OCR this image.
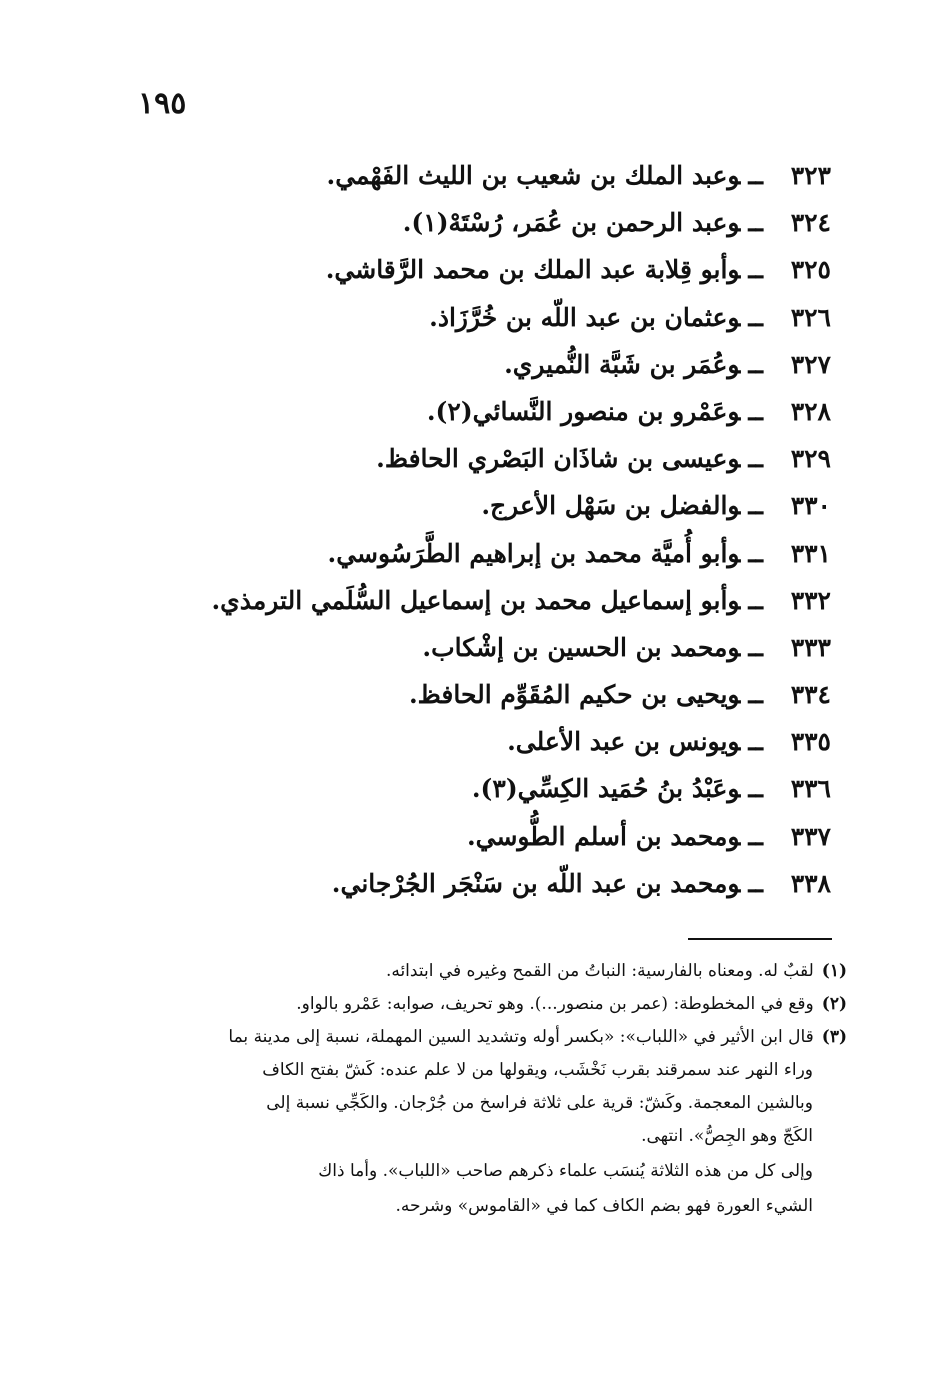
١٩٥
٣٢٣ــوعبد الملك بن شعيب بن الليث الفَهْمي.
٣٢٤ــوعبد الرحمن بن عُمَر، رُسْتَهْ(١).
٣٢٥ــوأبو قِلابة عبد الملك بن محمد الرَّقاشي.
٣٢٦ــوعثمان بن عبد اللّه بن خُرَّزَاذ.
٣٢٧ــوعُمَر بن شَبَّة النُّميري.
٣٢٨ــوعَمْرو بن منصور النَّسائي(٢).
٣٢٩ــوعيسى بن شاذَان البَصْري الحافظ.
٣٣٠ــوالفضل بن سَهْل الأعرج.
٣٣١ــوأبو أُميَّة محمد بن إبراهيم الطَّرَسُوسي.
٣٣٢ــوأبو إسماعيل محمد بن إسماعيل السُّلَمي الترمذي.
٣٣٣ــومحمد بن الحسين بن إشْكاب.
٣٣٤ــويحيى بن حكيم المُقَوِّم الحافظ.
٣٣٥ــويونس بن عبد الأعلى.
٣٣٦ــوعَبْدُ بنُ حُمَيد الكِسِّي(٣).
٣٣٧ــومحمد بن أسلم الطُّوسي.
٣٣٨ــومحمد بن عبد اللّه بن سَنْجَر الجُرْجاني.
(١)لقبٌ له. ومعناه بالفارسية: النباتُ من القمح وغيره في ابتدائه.
(٢)وقع في المخطوطة: (عمر بن منصور...). وهو تحريف، صوابه: عَمْرو بالواو.
(٣)قال ابن الأثير في «اللباب»: «بكسر أوله وتشديد السين المهملة، نسبة إلى مدينة بما
وراء النهر عند سمرقند بقرب نَخْشَب، ويقولها من لا علم عنده: كَشّ بفتح الكاف
وبالشين المعجمة. وكَشّ: قرية على ثلاثة فراسخ من جُرْجان. والكَجِّي نسبة إلى
الكَجّ وهو الجِصُّ». انتهى.
وإلى كل من هذه الثلاثة يُنسَب علماء ذكرهم صاحب «اللباب». وأما ذاك
الشيء العورة فهو بضم الكاف كما في «القاموس» وشرحه.
